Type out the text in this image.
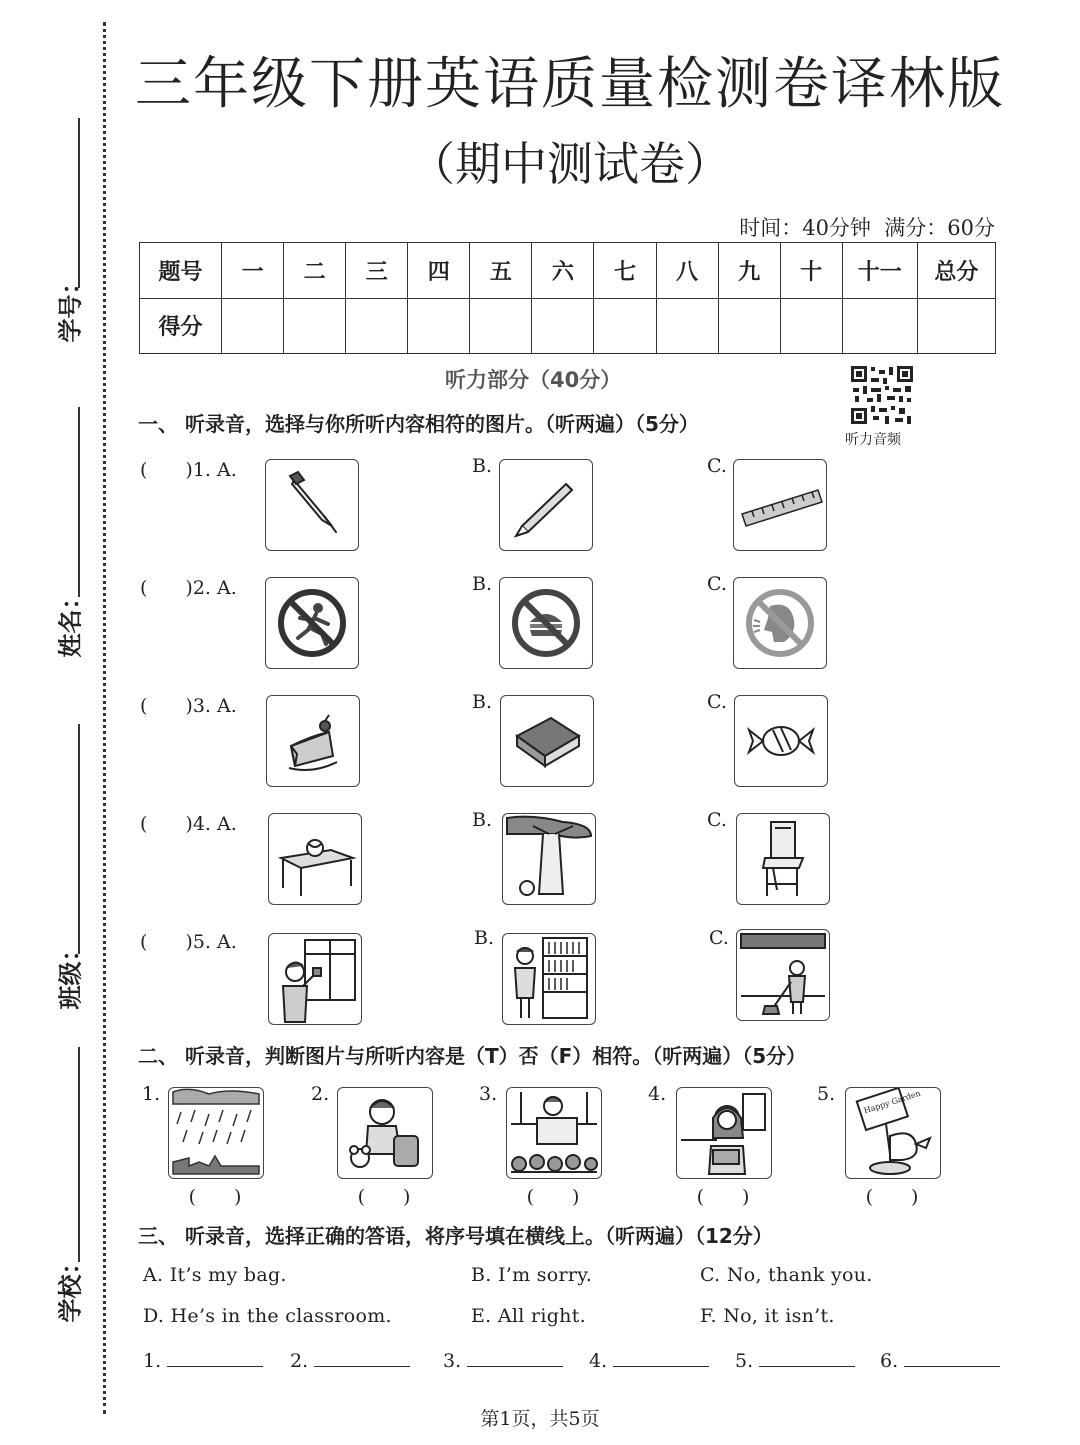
学号：
姓名：
班级：
学校：
三年级下册英语质量检测卷译林版
（期中测试卷）
时间：40分钟  满分：60分
题号	一	二	三	四	五	六	七	八	九	十	十一	总分
得分												
听力部分（40分）
听力音频
一、 听录音，选择与你所听内容相符的图片。（听两遍）（5分）
(　　)1. A.	B.	C.
(　　)2. A.	B.	C.
(　　)3. A.	B.	C.
(　　)4. A.	B.	C.
(　　)5. A.	B.	C.
二、 听录音，判断图片与所听内容是（T）否（F）相符。（听两遍）（5分）
1.
(　　)
2.
(　　)
3.
(　　)
4.
(　　)
5.	Happy Garden
(　　)
三、 听录音，选择正确的答语，将序号填在横线上。（听两遍）（12分）
A. It’s my bag.	B. I’m sorry.	C. No, thank you.
D. He’s in the classroom.	E. All right.	F. No, it isn’t.
1.	2.	3.	4.	5.	6.
第1页，共5页
